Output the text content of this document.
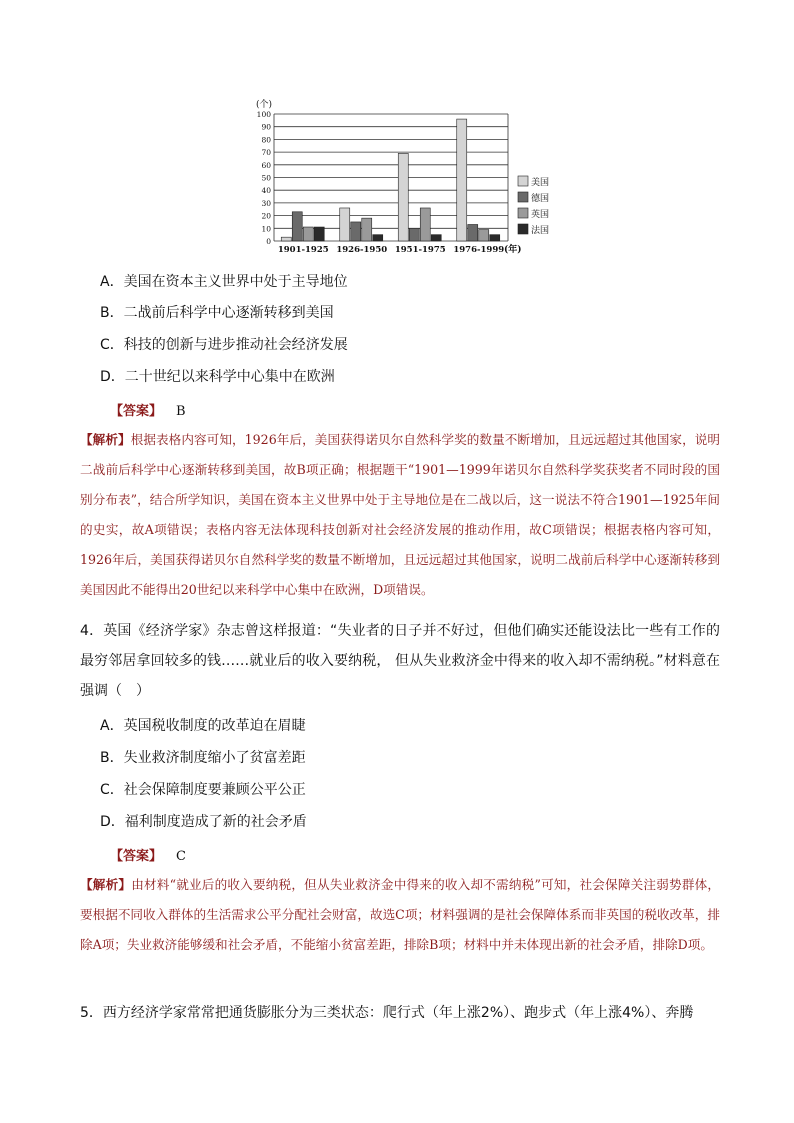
(个)
0
10
20
30
40
50
60
70
80
90
100
1901-1925 1926-1950 1951-1975 1976-1999
美国
德国
英国
法国
(年)
A．美国在资本主义世界中处于主导地位
B．二战前后科学中心逐渐转移到美国
C．科技的创新与进步推动社会经济发展
D．二十世纪以来科学中心集中在欧洲
【答案】 B
【解析】根据表格内容可知，1926年后，美国获得诺贝尔自然科学奖的数量不断增加，且远远超过其他国家，说明二战前后科学中心逐渐转移到美国，故B项正确；根据题干“1901—1999年诺贝尔自然科学奖获奖者不同时段的国别分布表”，结合所学知识，美国在资本主义世界中处于主导地位是在二战以后，这一说法不符合1901—1925年间的史实，故A项错误；表格内容无法体现科技创新对社会经济发展的推动作用，故C项错误；根据表格内容可知，1926年后，美国获得诺贝尔自然科学奖的数量不断增加，且远远超过其他国家，说明二战前后科学中心逐渐转移到美国因此不能得出20世纪以来科学中心集中在欧洲，D项错误。
4．英国《经济学家》杂志曾这样报道：“失业者的日子并不好过，但他们确实还能设法比一些有工作的最穷邻居拿回较多的钱……就业后的收入要纳税， 但从失业救济金中得来的收入却不需纳税。”材料意在强调（　）
A．英国税收制度的改革迫在眉睫
B．失业救济制度缩小了贫富差距
C．社会保障制度要兼顾公平公正
D．福利制度造成了新的社会矛盾
【答案】 C
【解析】由材料“就业后的收入要纳税，但从失业救济金中得来的收入却不需纳税”可知，社会保障关注弱势群体，要根据不同收入群体的生活需求公平分配社会财富，故选C项；材料强调的是社会保障体系而非英国的税收改革，排除A项；失业救济能够缓和社会矛盾，不能缩小贫富差距，排除B项；材料中并未体现出新的社会矛盾，排除D项。
5．西方经济学家常常把通货膨胀分为三类状态：爬行式（年上涨2%）、跑步式（年上涨4%）、奔腾
